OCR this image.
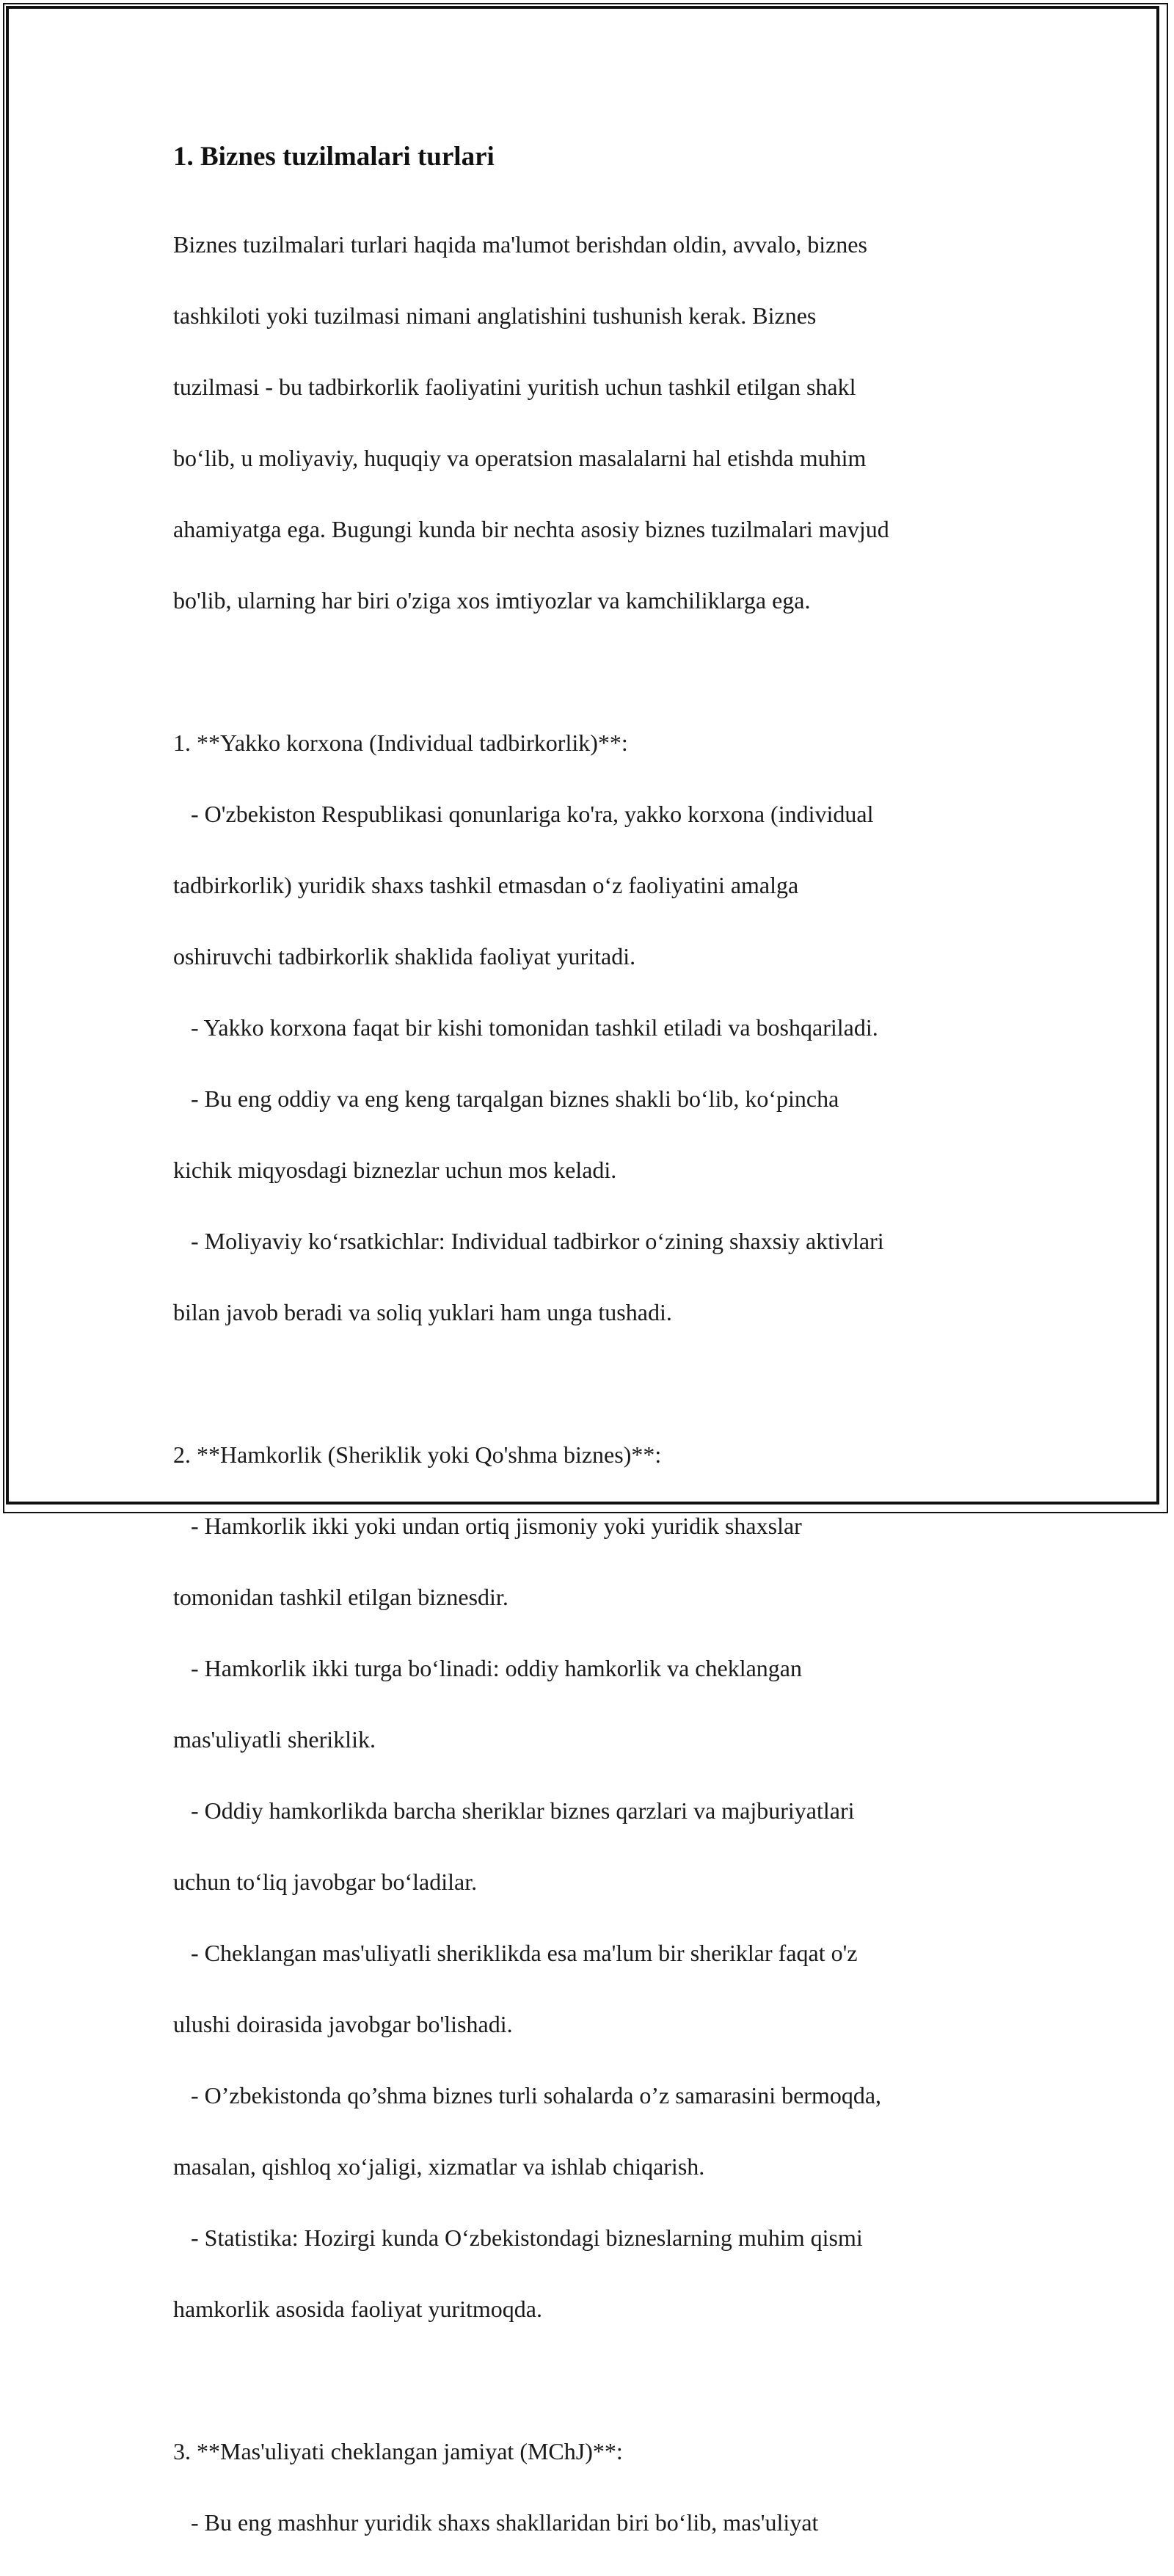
1. Biznes tuzilmalari turlari

Biznes tuzilmalari turlari haqida ma'lumot berishdan oldin, avvalo, biznes

tashkiloti yoki tuzilmasi nimani anglatishini tushunish kerak. Biznes

tuzilmasi - bu tadbirkorlik faoliyatini yuritish uchun tashkil etilgan shakl

bo‘lib, u moliyaviy, huquqiy va operatsion masalalarni hal etishda muhim

ahamiyatga ega. Bugungi kunda bir nechta asosiy biznes tuzilmalari mavjud

bo'lib, ularning har biri o'ziga xos imtiyozlar va kamchiliklarga ega.

1. **Yakko korxona (Individual tadbirkorlik)**:

- O'zbekiston Respublikasi qonunlariga ko'ra, yakko korxona (individual

tadbirkorlik) yuridik shaxs tashkil etmasdan o‘z faoliyatini amalga

oshiruvchi tadbirkorlik shaklida faoliyat yuritadi.

- Yakko korxona faqat bir kishi tomonidan tashkil etiladi va boshqariladi.

- Bu eng oddiy va eng keng tarqalgan biznes shakli bo‘lib, ko‘pincha

kichik miqyosdagi biznezlar uchun mos keladi.

- Moliyaviy ko‘rsatkichlar: Individual tadbirkor o‘zining shaxsiy aktivlari

bilan javob beradi va soliq yuklari ham unga tushadi.

2. **Hamkorlik (Sheriklik yoki Qo'shma biznes)**:

- Hamkorlik ikki yoki undan ortiq jismoniy yoki yuridik shaxslar

tomonidan tashkil etilgan biznesdir.

- Hamkorlik ikki turga bo‘linadi: oddiy hamkorlik va cheklangan

mas'uliyatli sheriklik.

- Oddiy hamkorlikda barcha sheriklar biznes qarzlari va majburiyatlari

uchun to‘liq javobgar bo‘ladilar.

- Cheklangan mas'uliyatli sheriklikda esa ma'lum bir sheriklar faqat o'z

ulushi doirasida javobgar bo'lishadi.

- O’zbekistonda qo’shma biznes turli sohalarda o’z samarasini bermoqda,

masalan, qishloq xo‘jaligi, xizmatlar va ishlab chiqarish.

- Statistika: Hozirgi kunda O‘zbekistondagi bizneslarning muhim qismi

hamkorlik asosida faoliyat yuritmoqda.

3. **Mas'uliyati cheklangan jamiyat (MChJ)**:

- Bu eng mashhur yuridik shaxs shakllaridan biri bo‘lib, mas'uliyat
